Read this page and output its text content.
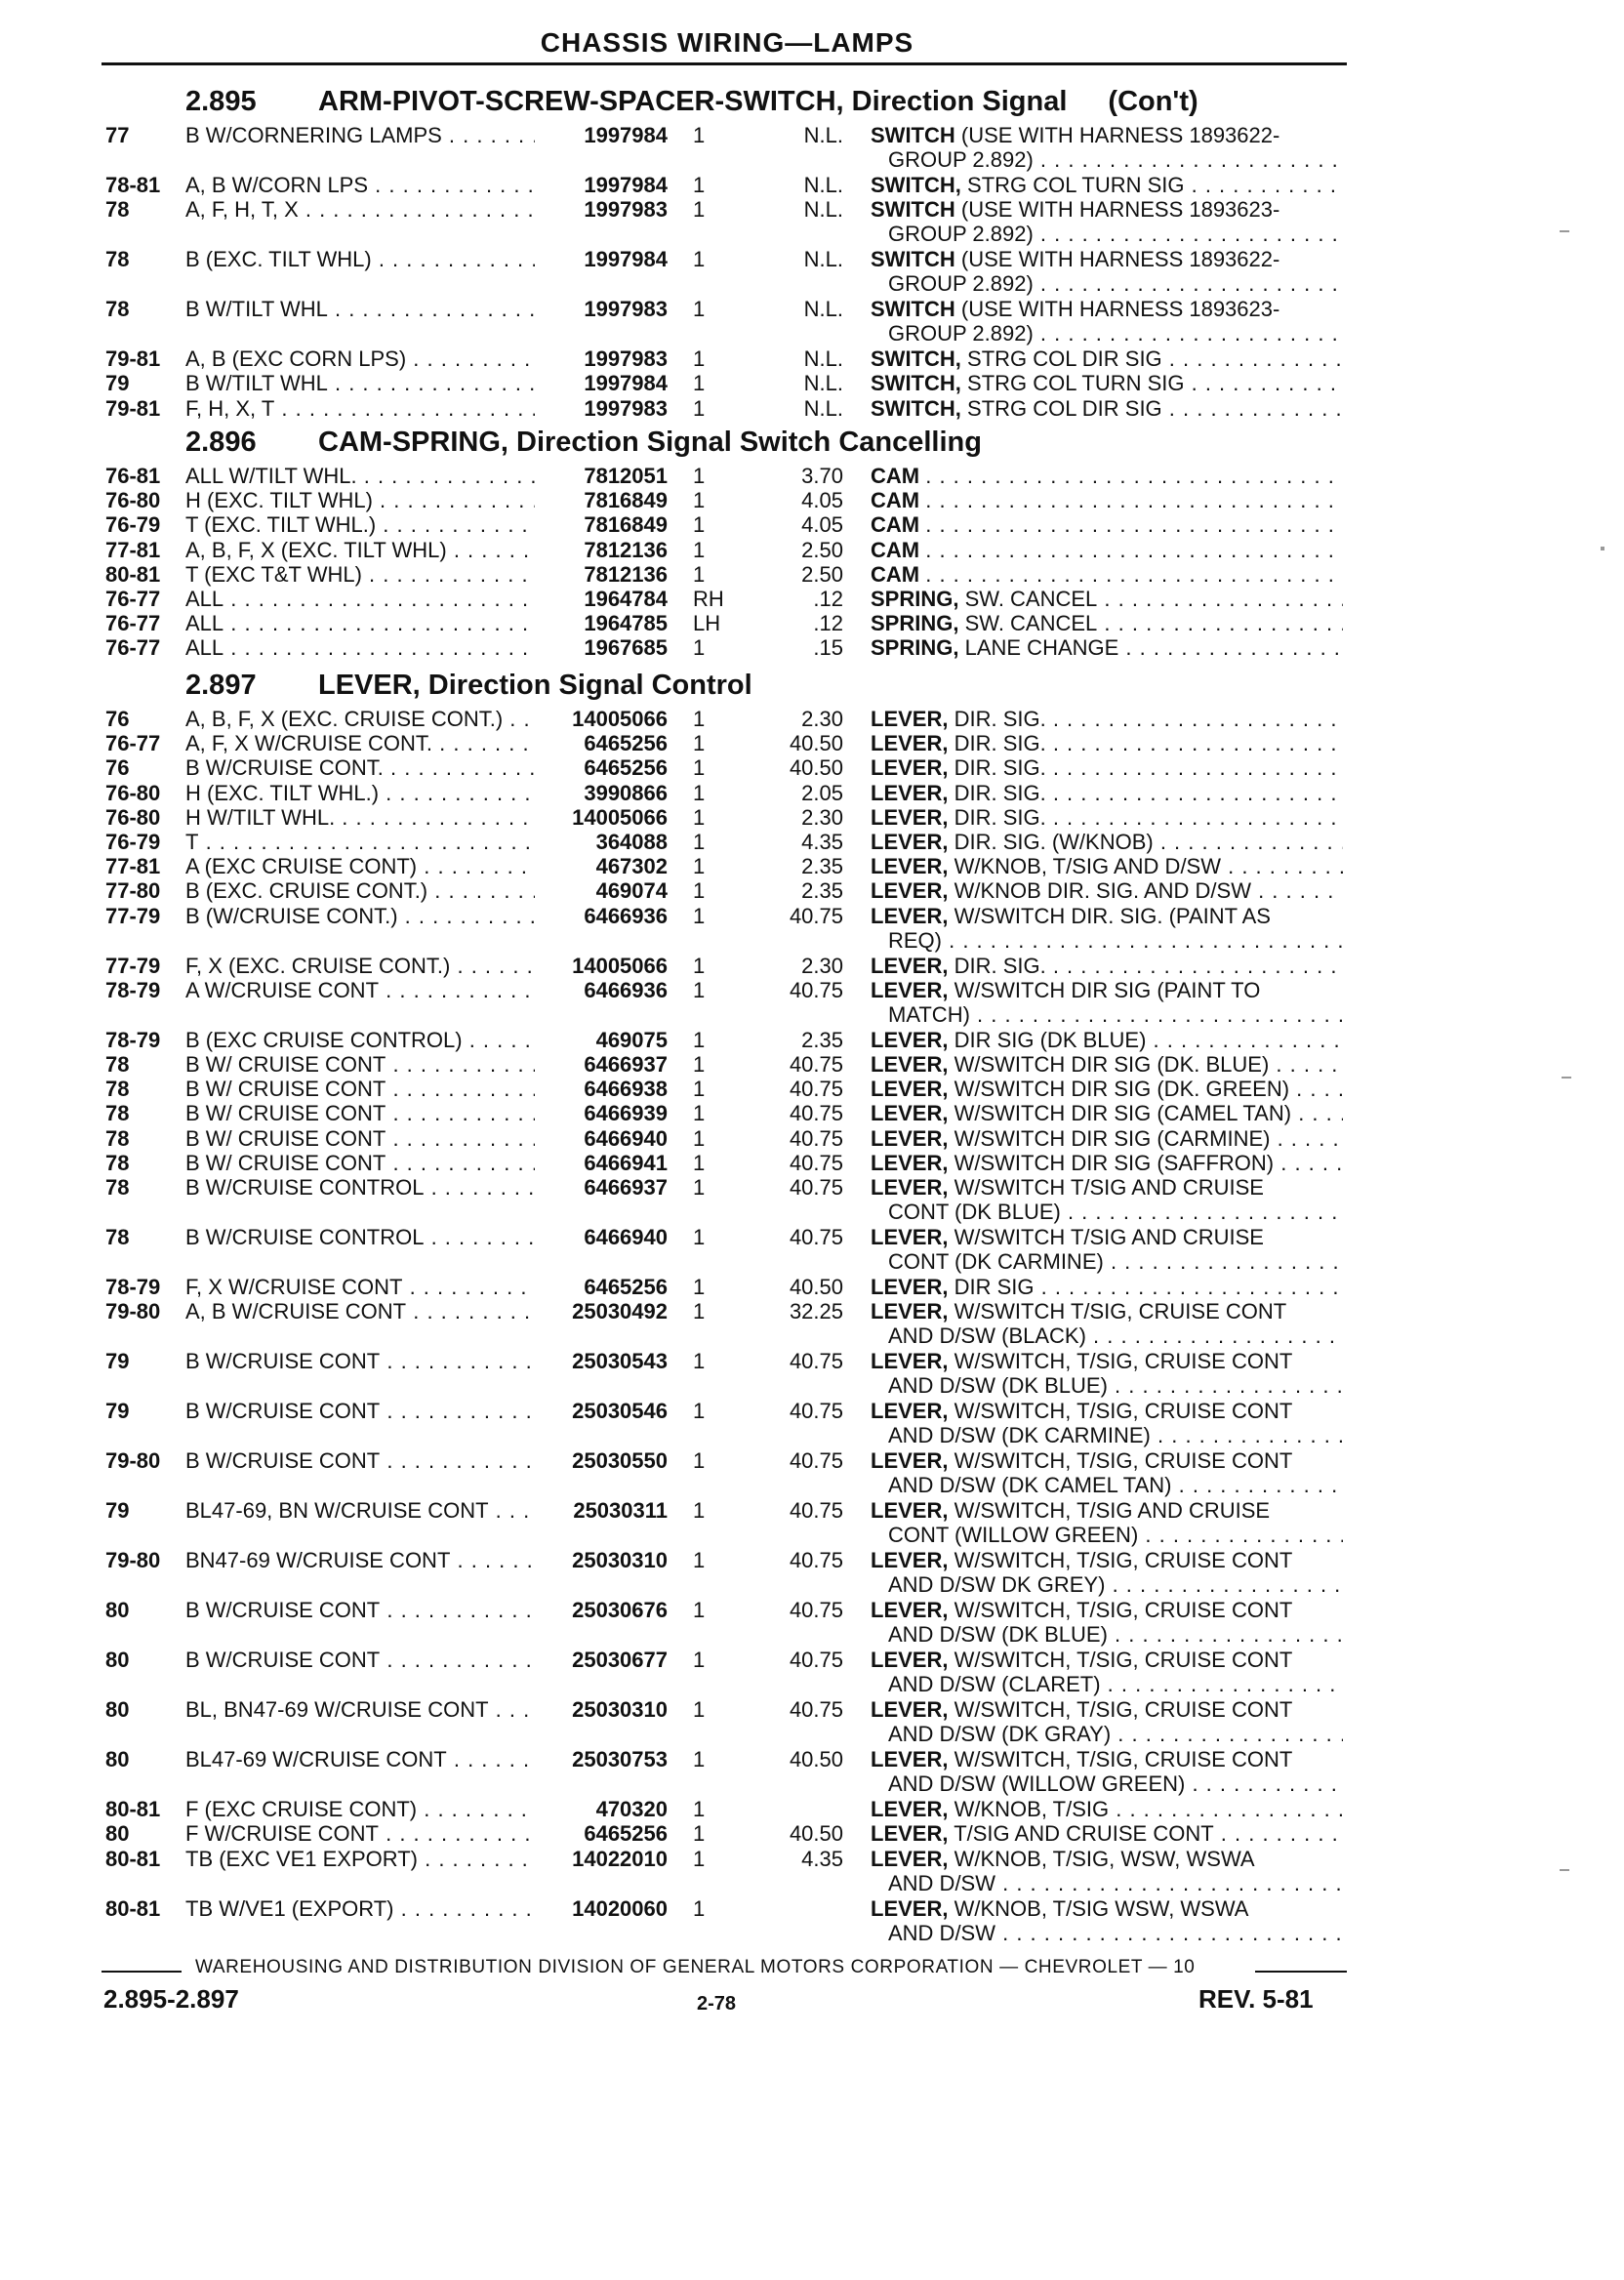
CHASSIS WIRING—LAMPS
2.895 ARM-PIVOT-SCREW-SPACER-SWITCH, Direction Signal (Con't)
77	B W/CORNERING LAMPS . . .	1997984 1	N.L. SWITCH (USE WITH HARNESS 1893622-
GROUP 2.892) . . .
78-81 A, B W/CORN LPS . . .	1997984 1	N.L. SWITCH, STRG COL TURN SIG . . .
78	A, F, H, T, X . . .	1997983 1	N.L. SWITCH (USE WITH HARNESS 1893623-
GROUP 2.892) . . .
78	B (EXC. TILT WHL) . . .	1997984 1	N.L. SWITCH (USE WITH HARNESS 1893622-
GROUP 2.892) . . .
78	B W/TILT WHL . . .	1997983 1	N.L. SWITCH (USE WITH HARNESS 1893623-
GROUP 2.892) . . .
79-81 A, B (EXC CORN LPS) . . .	1997983 1	N.L. SWITCH, STRG COL DIR SIG . . .
79	B W/TILT WHL . . .	1997984 1	N.L. SWITCH, STRG COL TURN SIG . . .
79-81 F, H, X, T . . .	1997983 1	N.L. SWITCH, STRG COL DIR SIG . . .
2.896 CAM-SPRING, Direction Signal Switch Cancelling
76-81 ALL W/TILT WHL. . . .	7812051 1	3.70 CAM . . .
76-80 H (EXC. TILT WHL) . . .	7816849 1	4.05 CAM . . .
76-79 T (EXC. TILT WHL.) . . .	7816849 1	4.05 CAM . . .
77-81 A, B, F, X (EXC. TILT WHL) . . .	7812136 1	2.50 CAM . . .
80-81 T (EXC T&T WHL) . . .	7812136 1	2.50 CAM . . .
76-77 ALL . . .	1964784 RH	.12 SPRING, SW. CANCEL . . .
76-77 ALL . . .	1964785 LH	.12 SPRING, SW. CANCEL . . .
76-77 ALL . . .	1967685 1	.15 SPRING, LANE CHANGE . . .
2.897 LEVER, Direction Signal Control
76	A, B, F, X (EXC. CRUISE CONT.) . . .	14005066 1	2.30 LEVER, DIR. SIG. . . .
76-77 A, F, X W/CRUISE CONT. . . .	6465256 1	40.50 LEVER, DIR. SIG. . . .
76	B W/CRUISE CONT. . . .	6465256 1	40.50 LEVER, DIR. SIG. . . .
76-80 H (EXC. TILT WHL.) . . .	3990866 1	2.05 LEVER, DIR. SIG. . . .
76-80 H W/TILT WHL. . . .	14005066 1	2.30 LEVER, DIR. SIG. . . .
76-79 T . . .	364088 1	4.35 LEVER, DIR. SIG. (W/KNOB) . . .
77-81 A (EXC CRUISE CONT) . . .	467302 1	2.35 LEVER, W/KNOB, T/SIG AND D/SW . . .
77-80 B (EXC. CRUISE CONT.) . . .	469074 1	2.35 LEVER, W/KNOB DIR. SIG. AND D/SW . . .
77-79 B (W/CRUISE CONT.) . . .	6466936 1	40.75 LEVER, W/SWITCH DIR. SIG. (PAINT AS
REQ) . . .
77-79 F, X (EXC. CRUISE CONT.) . . .	14005066 1	2.30 LEVER, DIR. SIG. . . .
78-79 A W/CRUISE CONT . . .	6466936 1	40.75 LEVER, W/SWITCH DIR SIG (PAINT TO
MATCH) . . .
78-79 B (EXC CRUISE CONTROL) . . .	469075 1	2.35 LEVER, DIR SIG (DK BLUE) . . .
78	B W/ CRUISE CONT . . .	6466937 1	40.75 LEVER, W/SWITCH DIR SIG (DK. BLUE) . . .
78	B W/ CRUISE CONT . . .	6466938 1	40.75 LEVER, W/SWITCH DIR SIG (DK. GREEN) . . .
78	B W/ CRUISE CONT . . .	6466939 1	40.75 LEVER, W/SWITCH DIR SIG (CAMEL TAN) . . .
78	B W/ CRUISE CONT . . .	6466940 1	40.75 LEVER, W/SWITCH DIR SIG (CARMINE) . . .
78	B W/ CRUISE CONT . . .	6466941 1	40.75 LEVER, W/SWITCH DIR SIG (SAFFRON) . . .
78	B W/CRUISE CONTROL . . .	6466937 1	40.75 LEVER, W/SWITCH T/SIG AND CRUISE
CONT (DK BLUE) . . .
78	B W/CRUISE CONTROL . . .	6466940 1	40.75 LEVER, W/SWITCH T/SIG AND CRUISE
CONT (DK CARMINE) . . .
78-79 F, X W/CRUISE CONT . . .	6465256 1	40.50 LEVER, DIR SIG . . .
79-80 A, B W/CRUISE CONT . . .	25030492 1	32.25 LEVER, W/SWITCH T/SIG, CRUISE CONT
AND D/SW (BLACK) . . .
79	B W/CRUISE CONT . . .	25030543 1	40.75 LEVER, W/SWITCH, T/SIG, CRUISE CONT
AND D/SW (DK BLUE) . . .
79	B W/CRUISE CONT . . .	25030546 1	40.75 LEVER, W/SWITCH, T/SIG, CRUISE CONT
AND D/SW (DK CARMINE) . . .
79-80 B W/CRUISE CONT . . .	25030550 1	40.75 LEVER, W/SWITCH, T/SIG, CRUISE CONT
AND D/SW (DK CAMEL TAN) . . .
79	BL47-69, BN W/CRUISE CONT . . .	25030311 1	40.75 LEVER, W/SWITCH, T/SIG AND CRUISE
CONT (WILLOW GREEN) . . .
79-80 BN47-69 W/CRUISE CONT . . .	25030310 1	40.75 LEVER, W/SWITCH, T/SIG, CRUISE CONT
AND D/SW DK GREY) . . .
80	B W/CRUISE CONT . . .	25030676 1	40.75 LEVER, W/SWITCH, T/SIG, CRUISE CONT
AND D/SW (DK BLUE) . . .
80	B W/CRUISE CONT . . .	25030677 1	40.75 LEVER, W/SWITCH, T/SIG, CRUISE CONT
AND D/SW (CLARET) . . .
80	BL, BN47-69 W/CRUISE CONT . . .	25030310 1	40.75 LEVER, W/SWITCH, T/SIG, CRUISE CONT
AND D/SW (DK GRAY) . . .
80	BL47-69 W/CRUISE CONT . . .	25030753 1	40.50 LEVER, W/SWITCH, T/SIG, CRUISE CONT
AND D/SW (WILLOW GREEN) . . .
80-81 F (EXC CRUISE CONT) . . .	470320 1	LEVER, W/KNOB, T/SIG . . .
80	F W/CRUISE CONT . . .	6465256 1	40.50 LEVER, T/SIG AND CRUISE CONT . . .
80-81 TB (EXC VE1 EXPORT) . . .	14022010 1	4.35 LEVER, W/KNOB, T/SIG, WSW, WSWA
AND D/SW . . .
80-81 TB W/VE1 (EXPORT) . . .	14020060 1	LEVER, W/KNOB, T/SIG WSW, WSWA
AND D/SW . . .
WAREHOUSING AND DISTRIBUTION DIVISION OF GENERAL MOTORS CORPORATION — CHEVROLET — 10
2.895-2.897	2-78	REV. 5-81
